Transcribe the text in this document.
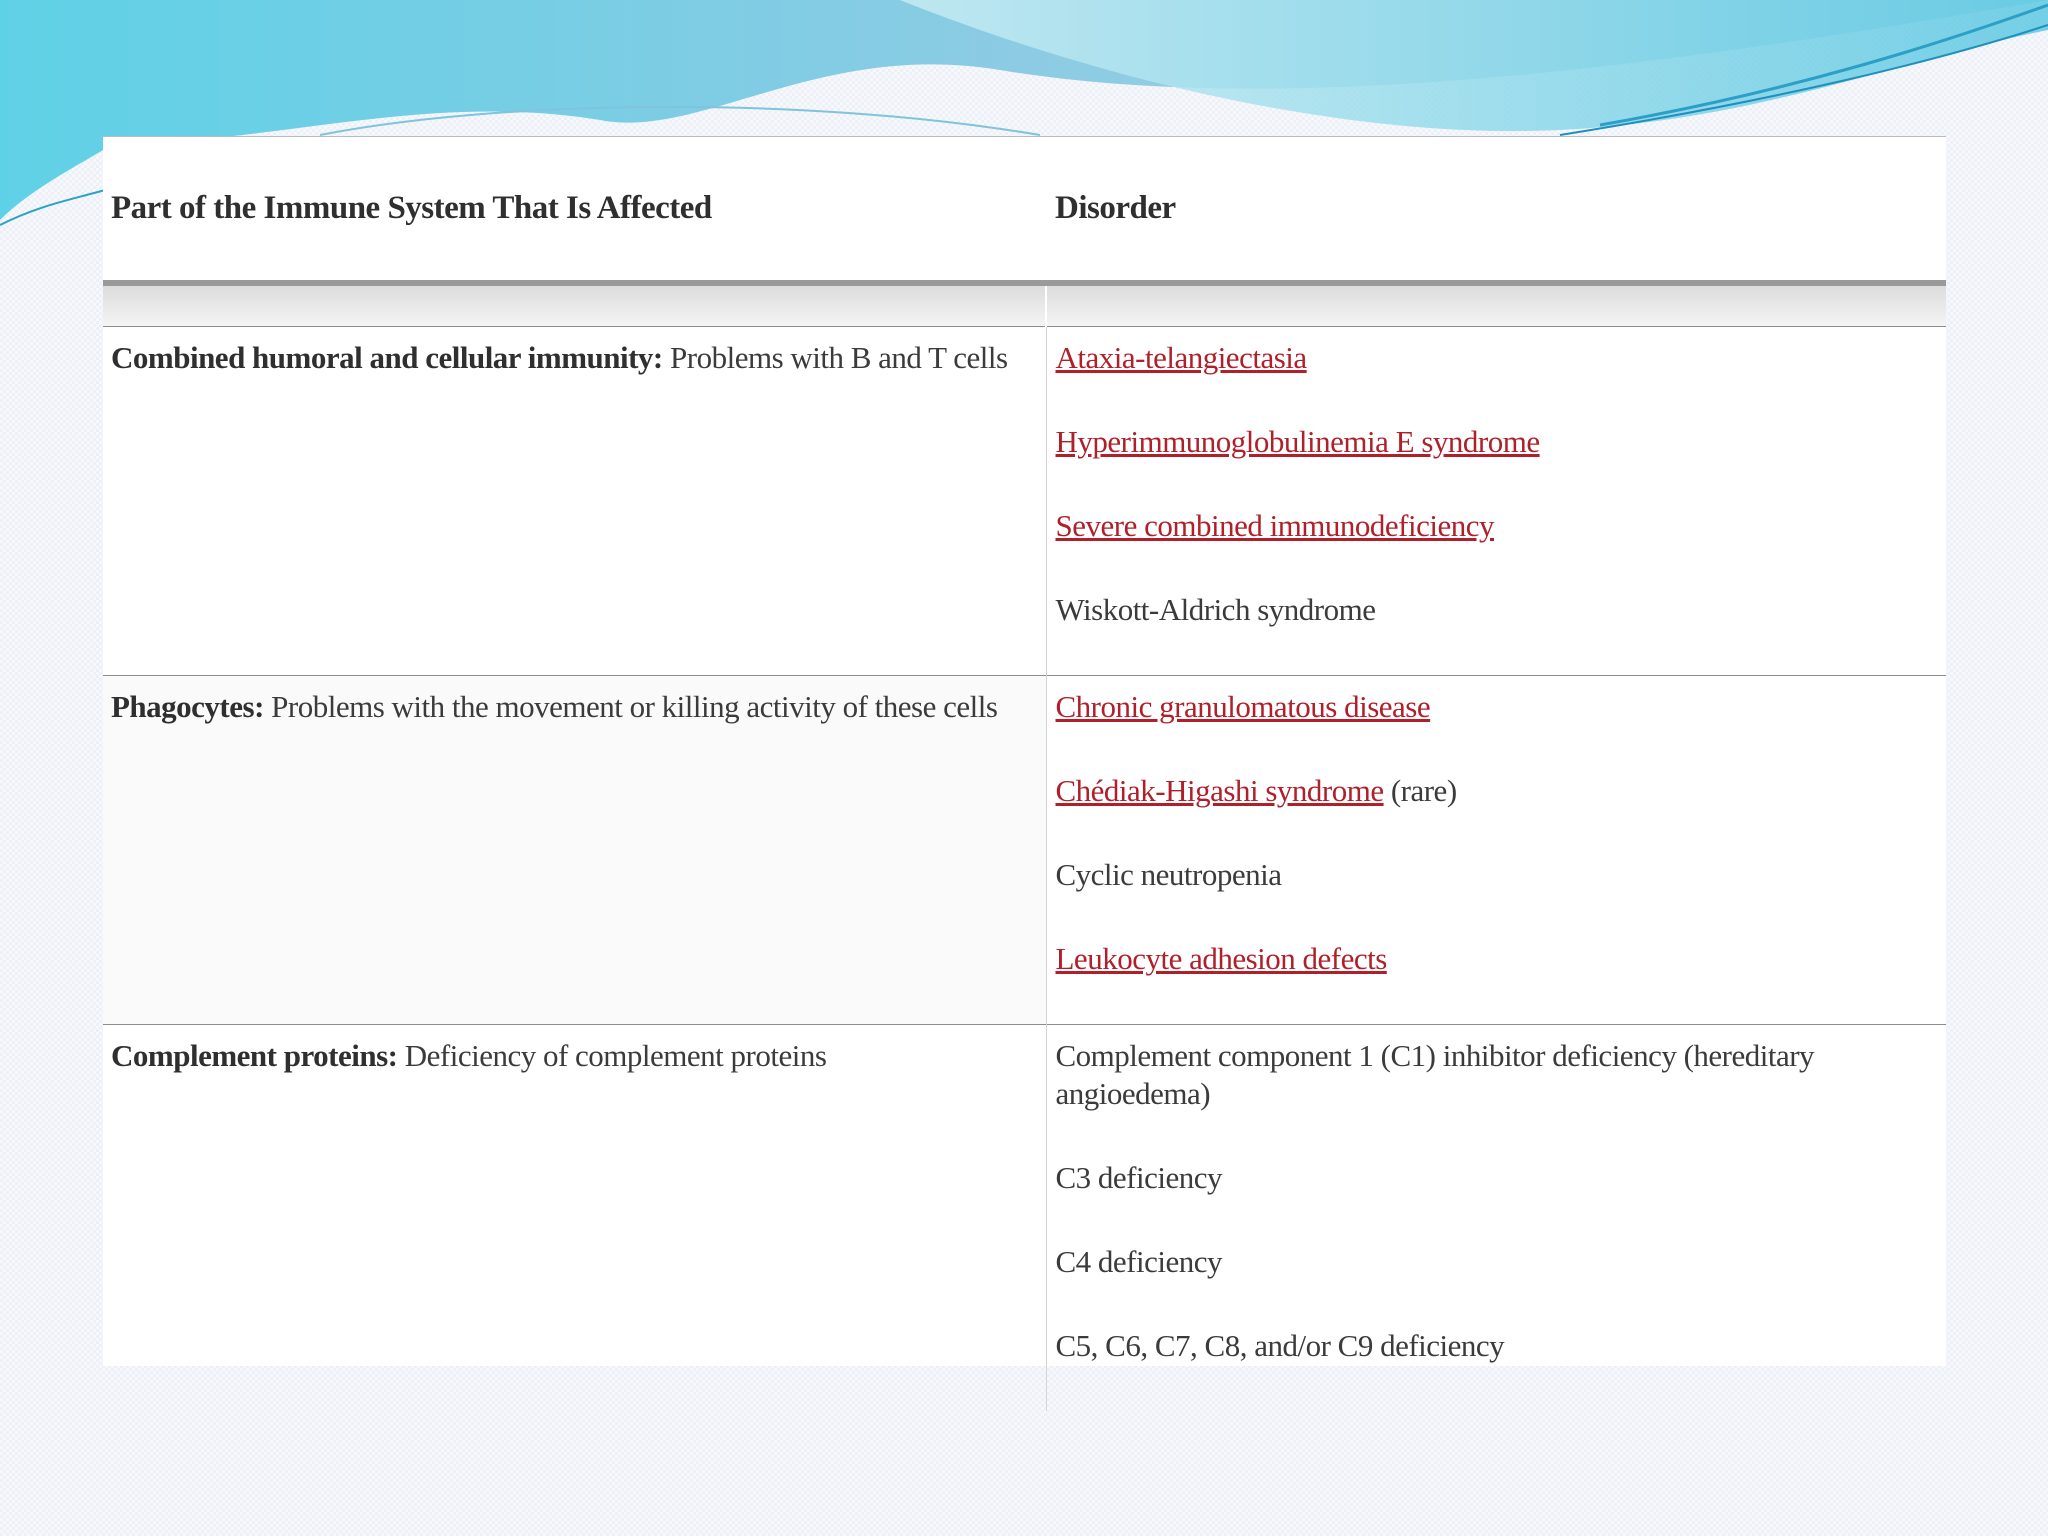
Part of the Immune System That Is Affected	Disorder

Combined humoral and cellular immunity: Problems with B and T cells	Ataxia-telangiectasia
Hyperimmunoglobulinemia E syndrome
Severe combined immunodeficiency
Wiskott-Aldrich syndrome

Phagocytes: Problems with the movement or killing activity of these cells	Chronic granulomatous disease
Chédiak-Higashi syndrome (rare)
Cyclic neutropenia
Leukocyte adhesion defects

Complement proteins: Deficiency of complement proteins	Complement component 1 (C1) inhibitor deficiency (hereditary angioedema)
C3 deficiency
C4 deficiency
C5, C6, C7, C8, and/or C9 deficiency
